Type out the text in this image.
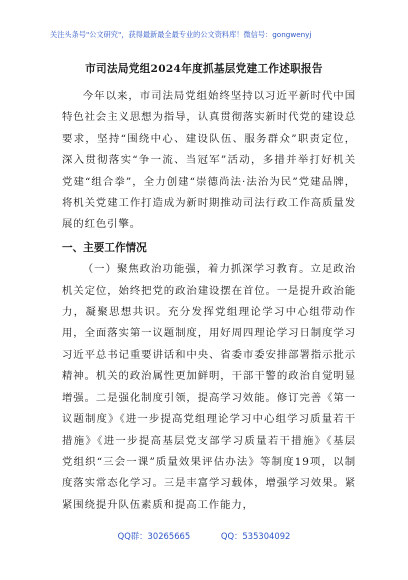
关注头条号"公文研究"，获得最新最全最专业的公文资料库！微信号：gongwenyj
市司法局党组2024年度抓基层党建工作述职报告

今年以来，市司法局党组始终坚持以习近平新时代中国特色社会主义思想为指导，认真贯彻落实新时代党的建设总要求，坚持“围绕中心、建设队伍、服务群众”职责定位，深入贯彻落实“争一流、当冠军”活动，多措并举打好机关党建“组合拳”，全力创建“崇德尚法·法治为民”党建品牌，将机关党建工作打造成为新时期推动司法行政工作高质量发展的红色引擎。

一、主要工作情况

（一）聚焦政治功能强，着力抓深学习教育。立足政治机关定位，始终把党的政治建设摆在首位。一是提升政治能力，凝聚思想共识。充分发挥党组理论学习中心组带动作用，全面落实第一议题制度，用好周四理论学习日制度学习习近平总书记重要讲话和中央、省委市委安排部署指示批示精神。机关的政治属性更加鲜明，干部干警的政治自觉明显增强。二是强化制度引领，提高学习效能。修订完善《第一议题制度》《进一步提高党组理论学习中心组学习质量若干措施》《进一步提高基层党支部学习质量若干措施》《基层党组织“三会一课”质量效果评估办法》等制度19项，以制度落实常态化学习。三是丰富学习载体，增强学习效果。紧紧围绕提升队伍素质和提高工作能力，

QQ群：30265665	QQ：535304092
